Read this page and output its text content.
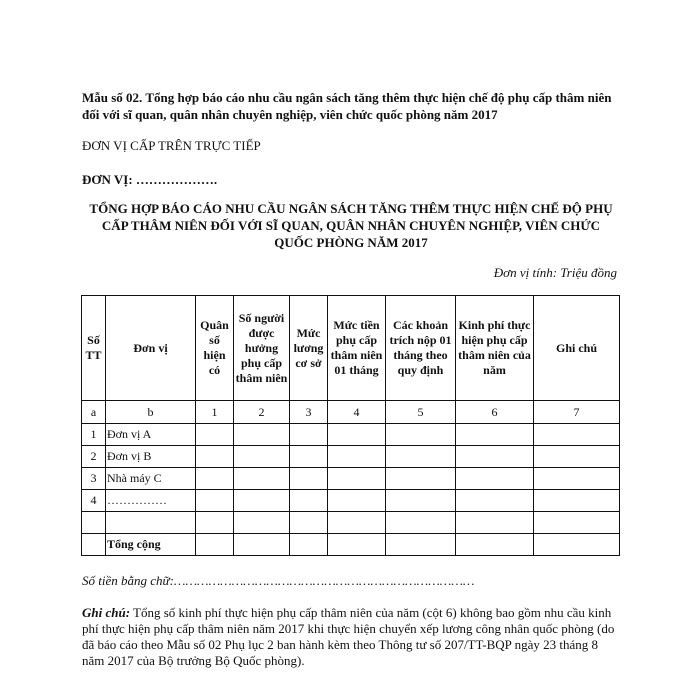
Mẫu số 02. Tổng hợp báo cáo nhu cầu ngân sách tăng thêm thực hiện chế độ phụ cấp thâm niên đối với sĩ quan, quân nhân chuyên nghiệp, viên chức quốc phòng năm 2017
ĐƠN VỊ CẤP TRÊN TRỰC TIẾP
ĐƠN VỊ: ……………….
TỔNG HỢP BÁO CÁO NHU CẦU NGÂN SÁCH TĂNG THÊM THỰC HIỆN CHẾ ĐỘ PHỤ CẤP THÂM NIÊN ĐỐI VỚI SĨ QUAN, QUÂN NHÂN CHUYÊN NGHIỆP, VIÊN CHỨC QUỐC PHÒNG NĂM 2017
Đơn vị tính: Triệu đồng
Số TT	Đơn vị	Quân số hiện có	Số người được hưởng phụ cấp thâm niên	Mức lương cơ sở	Mức tiền phụ cấp thâm niên 01 tháng	Các khoản trích nộp 01 tháng theo quy định	Kinh phí thực hiện phụ cấp thâm niên của năm	Ghi chú
a	b	1	2	3	4	5	6	7
1	Đơn vị A							
2	Đơn vị B							
3	Nhà máy C							
4	……………							

	Tổng cộng							
Số tiền bằng chữ:……………………………………………………………………
Ghi chú: Tổng số kinh phí thực hiện phụ cấp thâm niên của năm (cột 6) không bao gồm nhu cầu kinh phí thực hiện phụ cấp thâm niên năm 2017 khi thực hiện chuyển xếp lương công nhân quốc phòng (do đã báo cáo theo Mẫu số 02 Phụ lục 2 ban hành kèm theo Thông tư số 207/TT-BQP ngày 23 tháng 8 năm 2017 của Bộ trưởng Bộ Quốc phòng).
